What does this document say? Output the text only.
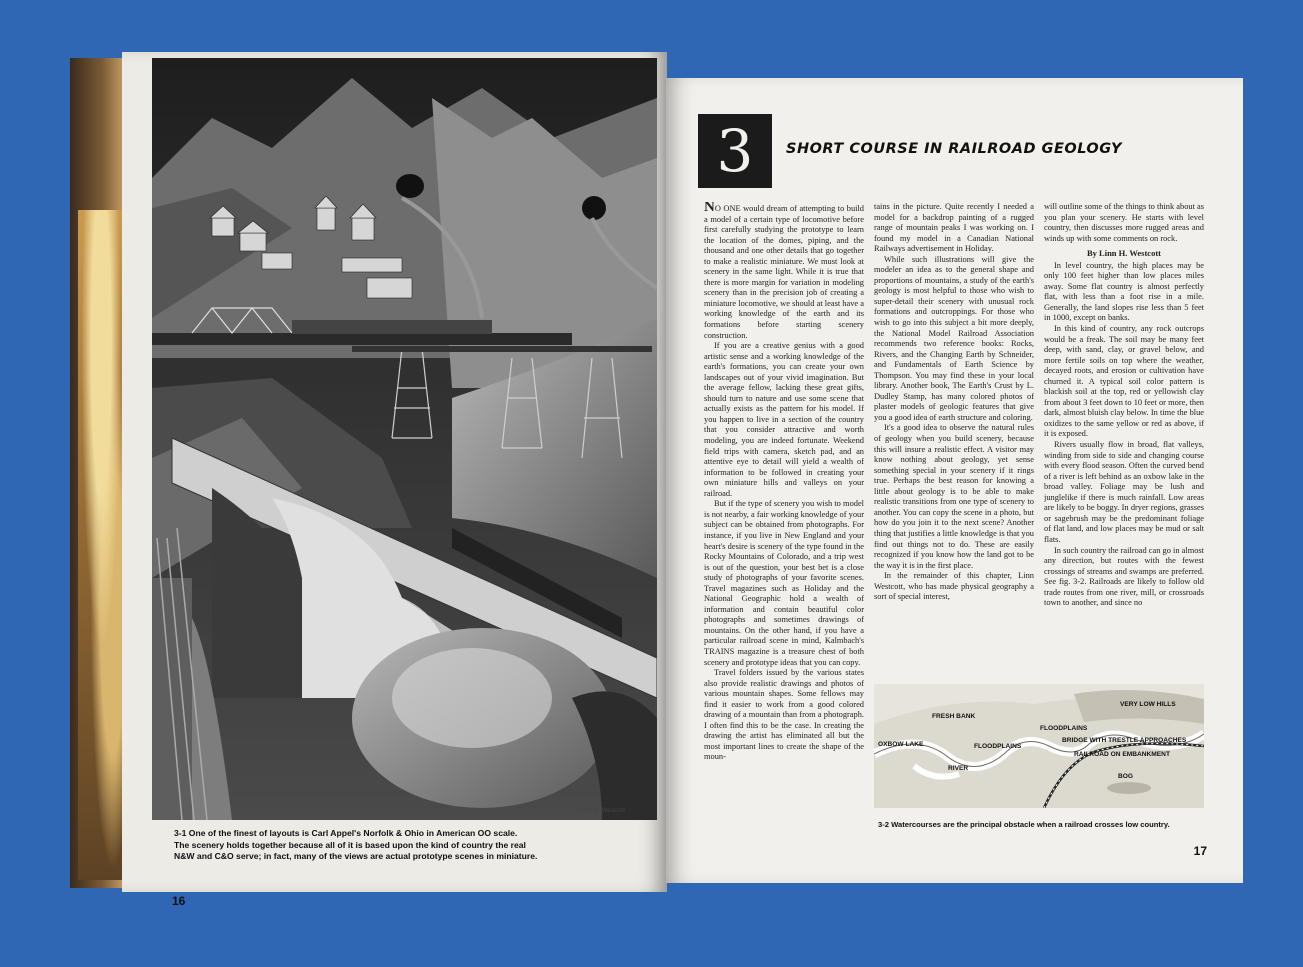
Linn H. Westcott
3-1 One of the finest of layouts is Carl Appel's Norfolk & Ohio in American OO scale.
The scenery holds together because all of it is based upon the kind of country the real
N&W and C&O serve; in fact, many of the views are actual prototype scenes in miniature.
16
3	SHORT COURSE IN RAILROAD GEOLOGY

NO ONE would dream of attempting to build a model of a certain type of locomotive before first carefully studying the prototype to learn the location of the domes, piping, and the thousand and one other details that go together to make a realistic miniature. We must look at scenery in the same light. While it is true that there is more margin for variation in modeling scenery than in the precision job of creating a miniature locomotive, we should at least have a working knowledge of the earth and its formations before starting scenery construction.

If you are a creative genius with a good artistic sense and a working knowledge of the earth's formations, you can create your own landscapes out of your vivid imagination. But the average fellow, lacking these great gifts, should turn to nature and use some scene that actually exists as the pattern for his model. If you happen to live in a section of the country that you consider attractive and worth modeling, you are indeed fortunate. Weekend field trips with camera, sketch pad, and an attentive eye to detail will yield a wealth of information to be followed in creating your own miniature hills and valleys on your railroad.

But if the type of scenery you wish to model is not nearby, a fair working knowledge of your subject can be obtained from photographs. For instance, if you live in New England and your heart's desire is scenery of the type found in the Rocky Mountains of Colorado, and a trip west is out of the question, your best bet is a close study of photographs of your favorite scenes. Travel magazines such as Holiday and the National Geographic hold a wealth of information and contain beautiful color photographs and sometimes drawings of mountains. On the other hand, if you have a particular railroad scene in mind, Kalmbach's TRAINS magazine is a treasure chest of both scenery and prototype ideas that you can copy.

Travel folders issued by the various states also provide realistic drawings and photos of various mountain shapes. Some fellows may find it easier to work from a good colored drawing of a mountain than from a photograph. I often find this to be the case. In creating the drawing the artist has eliminated all but the most important lines to create the shape of the moun-

tains in the picture. Quite recently I needed a model for a backdrop painting of a rugged range of mountain peaks I was working on. I found my model in a Canadian National Railways advertisement in Holiday.

While such illustrations will give the modeler an idea as to the general shape and proportions of mountains, a study of the earth's geology is most helpful to those who wish to super-detail their scenery with unusual rock formations and outcroppings. For those who wish to go into this subject a bit more deeply, the National Model Railroad Association recommends two reference books: Rocks, Rivers, and the Changing Earth by Schneider, and Fundamentals of Earth Science by Thompson. You may find these in your local library. Another book, The Earth's Crust by L. Dudley Stamp, has many colored photos of plaster models of geologic features that give you a good idea of earth structure and coloring.

It's a good idea to observe the natural rules of geology when you build scenery, because this will insure a realistic effect. A visitor may know nothing about geology, yet sense something special in your scenery if it rings true. Perhaps the best reason for knowing a little about geology is to be able to make realistic transitions from one type of scenery to another. You can copy the scene in a photo, but how do you join it to the next scene? Another thing that justifies a little knowledge is that you find out things not to do. These are easily recognized if you know how the land got to be the way it is in the first place.

In the remainder of this chapter, Linn Westcott, who has made physical geography a sort of special interest,

will outline some of the things to think about as you plan your scenery. He starts with level country, then discusses more rugged areas and winds up with some comments on rock.

By Linn H. Westcott

In level country, the high places may be only 100 feet higher than low places miles away. Some flat country is almost perfectly flat, with less than a foot rise in a mile. Generally, the land slopes rise less than 5 feet in 1000, except on banks.

In this kind of country, any rock outcrops would be a freak. The soil may be many feet deep, with sand, clay, or gravel below, and more fertile soils on top where the weather, decayed roots, and erosion or cultivation have churned it. A typical soil color pattern is blackish soil at the top, red or yellowish clay from about 3 feet down to 10 feet or more, then dark, almost bluish clay below. In time the blue oxidizes to the same yellow or red as above, if it is exposed.

Rivers usually flow in broad, flat valleys, winding from side to side and changing course with every flood season. Often the curved bend of a river is left behind as an oxbow lake in the broad valley. Foliage may be lush and junglelike if there is much rainfall. Low areas are likely to be boggy. In dryer regions, grasses or sagebrush may be the predominant foliage of flat land, and low places may be mud or salt flats.

In such country the railroad can go in almost any direction, but routes with the fewest crossings of streams and swamps are preferred. See fig. 3-2. Railroads are likely to follow old trade routes from one river, mill, or crossroads town to another, and since no

FRESH BANK
VERY LOW HILLS
FLOODPLAINS
OXBOW LAKE	FLOODPLAINS
BRIDGE WITH TRESTLE APPROACHES
RAILROAD ON EMBANKMENT
RIVER
BOG
3-2 Watercourses are the principal obstacle when a railroad crosses low country.
17
